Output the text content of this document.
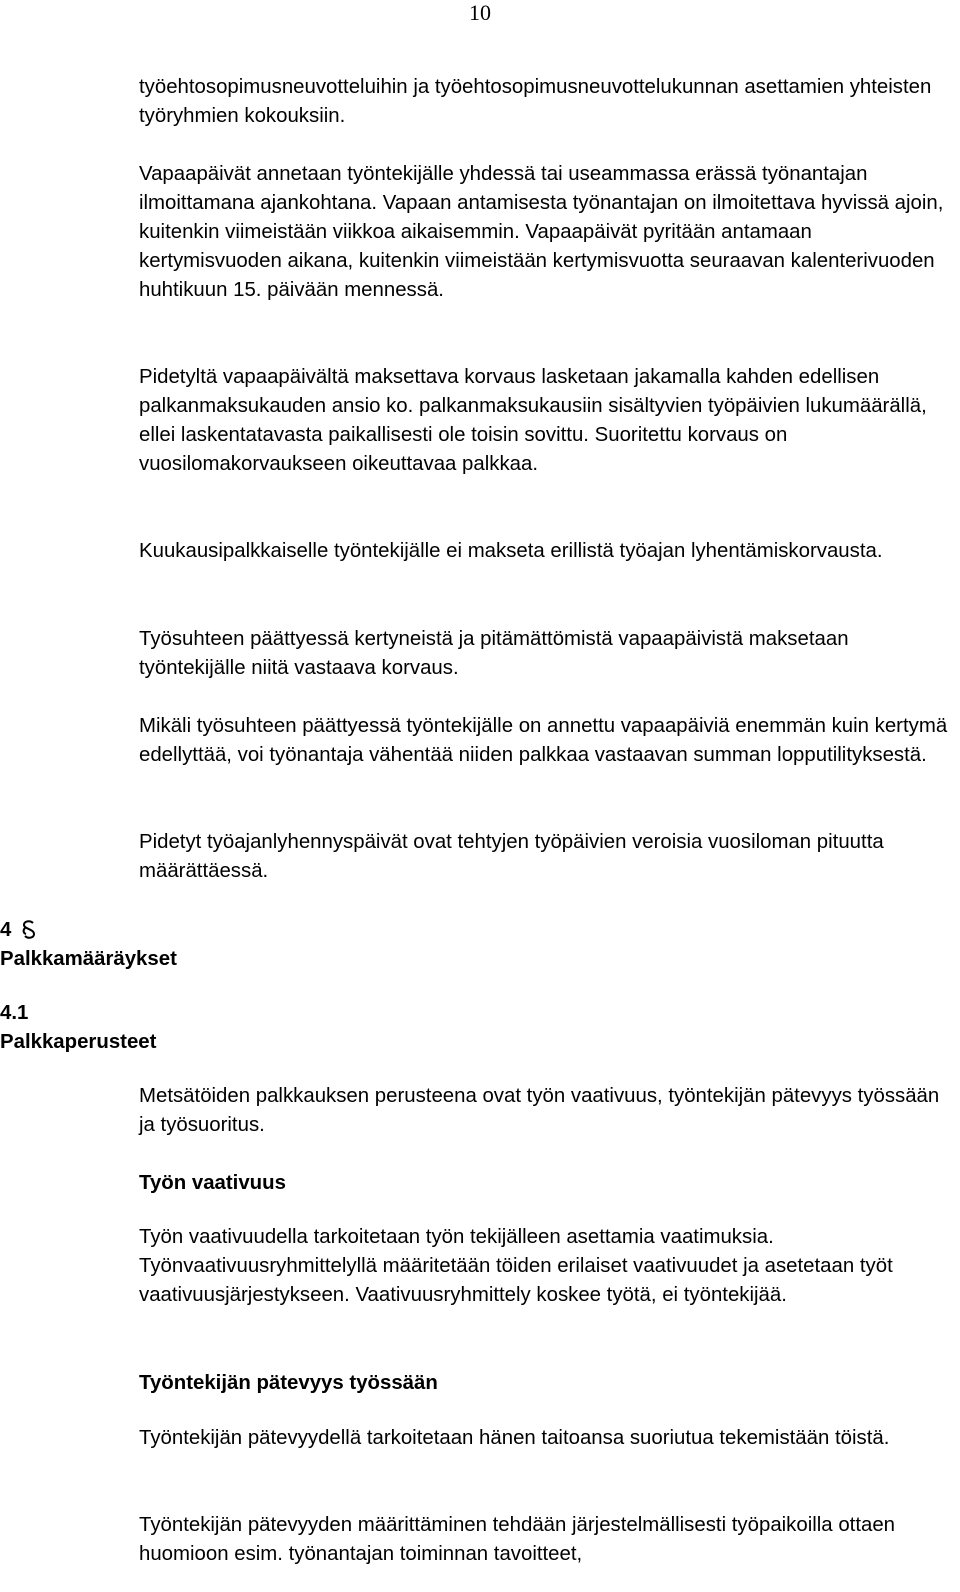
10

työehtosopimusneuvotteluihin ja työehtosopimusneuvottelukunnan asettamien yhteisten työryhmien kokouksiin.

Vapaapäivät annetaan työntekijälle yhdessä tai useammassa erässä työnantajan ilmoittamana ajankohtana. Vapaan antamisesta työnantajan on ilmoitettava hyvissä ajoin, kuitenkin viimeistään viikkoa aikaisemmin. Vapaapäivät pyritään antamaan kertymisvuoden aikana, kuitenkin viimeistään kertymisvuotta seuraavan kalenterivuoden huhtikuun 15. päivään mennessä.

Pidetyltä vapaapäivältä maksettava korvaus lasketaan jakamalla kahden edellisen palkanmaksukauden ansio ko. palkanmaksukausiin sisältyvien työpäivien lukumäärällä, ellei laskentatavasta paikallisesti ole toisin sovittu. Suoritettu korvaus on vuosilomakorvaukseen oikeuttavaa palkkaa.

Kuukausipalkkaiselle työntekijälle ei makseta erillistä työajan lyhentämiskorvausta.

Työsuhteen päättyessä kertyneistä ja pitämättömistä vapaapäivistä maksetaan työntekijälle niitä vastaava korvaus.

Mikäli työsuhteen päättyessä työntekijälle on annettu vapaapäiviä enemmän kuin kertymä edellyttää, voi työnantaja vähentää niiden palkkaa vastaavan summan lopputilityksestä.

Pidetyt työajanlyhennyspäivät ovat tehtyjen työpäivien veroisia vuosiloman pituutta määrättäessä.

4
Palkkamääräykset
4.1
Palkkaperusteet

Metsätöiden palkkauksen perusteena ovat työn vaativuus, työntekijän pätevyys työssään ja työsuoritus.

Työn vaativuus

Työn vaativuudella tarkoitetaan työn tekijälleen asettamia vaatimuksia. Työnvaativuusryhmittelyllä määritetään töiden erilaiset vaativuudet ja asetetaan työt vaativuusjärjestykseen. Vaativuusryhmittely koskee työtä, ei työntekijää.

Työntekijän pätevyys työssään

Työntekijän pätevyydellä tarkoitetaan hänen taitoansa suoriutua tekemistään töistä.

Työntekijän pätevyyden määrittäminen tehdään järjestelmällisesti työpaikoilla ottaen huomioon esim. työnantajan toiminnan tavoitteet,
